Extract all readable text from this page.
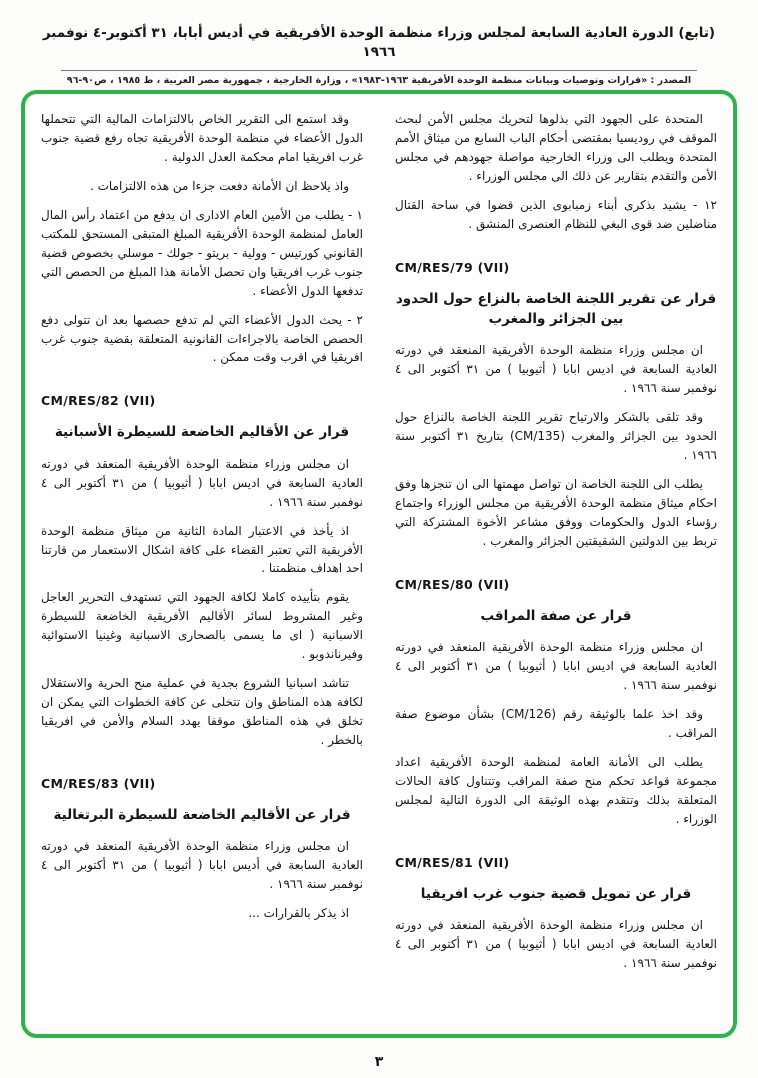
(تابع) الدورة العادية السابعة لمجلس وزراء منظمة الوحدة الأفريقية في أديس أبابا، ٣١ أكتوبر-٤ نوفمبر ١٩٦٦
المصدر : «قرارات وتوصيات وبيانات منظمة الوحدة الأفريقية ١٩٦٣-١٩٨٣» ، وزارة الخارجية ، جمهورية مصر العربية ، ط ١٩٨٥ ، ص٩٠-٩٦

المتحدة على الجهود التي بذلوها لتحريك مجلس الأمن لبحث الموقف في روديسيا بمقتضى أحكام الباب السابع من ميثاق الأمم المتحدة ويطلب الى وزراء الخارجية مواصلة جهودهم في مجلس الأمن والتقدم بتقارير عن ذلك الى مجلس الوزراء .

١٢ - يشيد بذكرى أبناء زمبابوى الذين قضوا في ساحة القتال مناضلين ضد قوى البغي للنظام العنصرى المنشق .

CM/RES/79 (VII)
قرار عن تقرير اللجنة الخاصة بالنزاع حول الحدود بين الجزائر والمغرب

ان مجلس وزراء منظمة الوحدة الأفريقية المنعقد في دورته العادية السابعة في اديس ابابا ( أثيوبيا ) من ٣١ أكتوبر الى ٤ نوفمبر سنة ١٩٦٦ .

وقد تلقى بالشكر والارتياح تقرير اللجنة الخاصة بالنزاع حول الحدود بين الجزائر والمغرب (CM/135) بتاريخ ٣١ أكتوبر سنة ١٩٦٦ .

يطلب الى اللجنة الخاصة ان تواصل مهمتها الى ان تنجزها وفق احكام ميثاق منظمة الوحدة الأفريقية من مجلس الوزراء واجتماع رؤساء الدول والحكومات ووفق مشاعر الأخوة المشتركة التي تربط بين الدولتين الشقيقتين الجزائر والمغرب .

CM/RES/80 (VII)
قرار عن صفة المراقب

ان مجلس وزراء منظمة الوحدة الأفريقية المنعقد في دورته العادية السابعة في اديس ابابا ( أثيوبيا ) من ٣١ أكتوبر الى ٤ نوفمبر سنة ١٩٦٦ .

وقد اخذ علما بالوثيقة رقم (CM/126) بشأن موضوع صفة المراقب .

يطلب الى الأمانة العامة لمنظمة الوحدة الأفريقية اعداد مجموعة قواعد تحكم منح صفة المراقب وتتناول كافة الحالات المتعلقة بذلك وتتقدم بهذه الوثيقة الى الدورة التالية لمجلس الوزراء .

CM/RES/81 (VII)
قرار عن تمويل قضية جنوب غرب افريقيا

ان مجلس وزراء منظمة الوحدة الأفريقية المنعقد في دورته العادية السابعة في اديس ابابا ( أثيوبيا ) من ٣١ أكتوبر الى ٤ نوفمبر سنة ١٩٦٦ .

وقد استمع الى التقرير الخاص بالالتزامات المالية التي تتحملها الدول الأعضاء في منظمة الوحدة الأفريقية تجاه رفع قضية جنوب غرب افريقيا امام محكمة العدل الدولية .

واذ يلاحظ ان الأمانة دفعت جزءا من هذه الالتزامات .

١ - يطلب من الأمين العام الادارى ان يدفع من اعتماد رأس المال العامل لمنظمة الوحدة الأفريقية المبلغ المتبقى المستحق للمكتب القانوني كورتيس - وولية - بريتو - جولك - موسلي بخصوص قضية جنوب غرب افريقيا وان تحصل الأمانة هذا المبلغ من الحصص التي تدفعها الدول الأعضاء .

٢ - يحث الدول الأعضاء التي لم تدفع حصصها بعد ان تتولى دفع الحصص الخاصة بالاجراءات القانونية المتعلقة بقضية جنوب غرب افريقيا في اقرب وقت ممكن .

CM/RES/82 (VII)
قرار عن الأقاليم الخاضعة للسيطرة الأسبانية

ان مجلس وزراء منظمة الوحدة الأفريقية المنعقد في دورته العادية السابعة في اديس ابابا ( أثيوبيا ) من ٣١ أكتوبر الى ٤ نوفمبر سنة ١٩٦٦ .

اذ يأخذ في الاعتبار المادة الثانية من ميثاق منظمة الوحدة الأفريقية التي تعتبر القضاء على كافة اشكال الاستعمار من قارتنا احد اهداف منظمتنا .

يقوم بتأييده كاملا لكافة الجهود التي تستهدف التحرير العاجل وغير المشروط لسائر الأقاليم الأفريقية الخاضعة للسيطرة الاسبانية ( اى ما يسمى بالصحارى الاسبانية وغينيا الاستوائية وفيرناندوبو .

تناشد اسبانيا الشروع بجدية في عملية منح الحرية والاستقلال لكافة هذه المناطق وان تتخلى عن كافة الخطوات التي يمكن ان تخلق في هذه المناطق موقفا يهدد السلام والأمن في افريقيا بالخطر .

CM/RES/83 (VII)
قرار عن الأقاليم الخاضعة للسيطرة البرتغالية

ان مجلس وزراء منظمة الوحدة الأفريقية المنعقد في دورته العادية السابعة في أديس ابابا ( أثيوبيا ) من ٣١ أكتوبر الى ٤ نوفمبر سنة ١٩٦٦ .

اذ يذكر بالقرارات ...

٣
